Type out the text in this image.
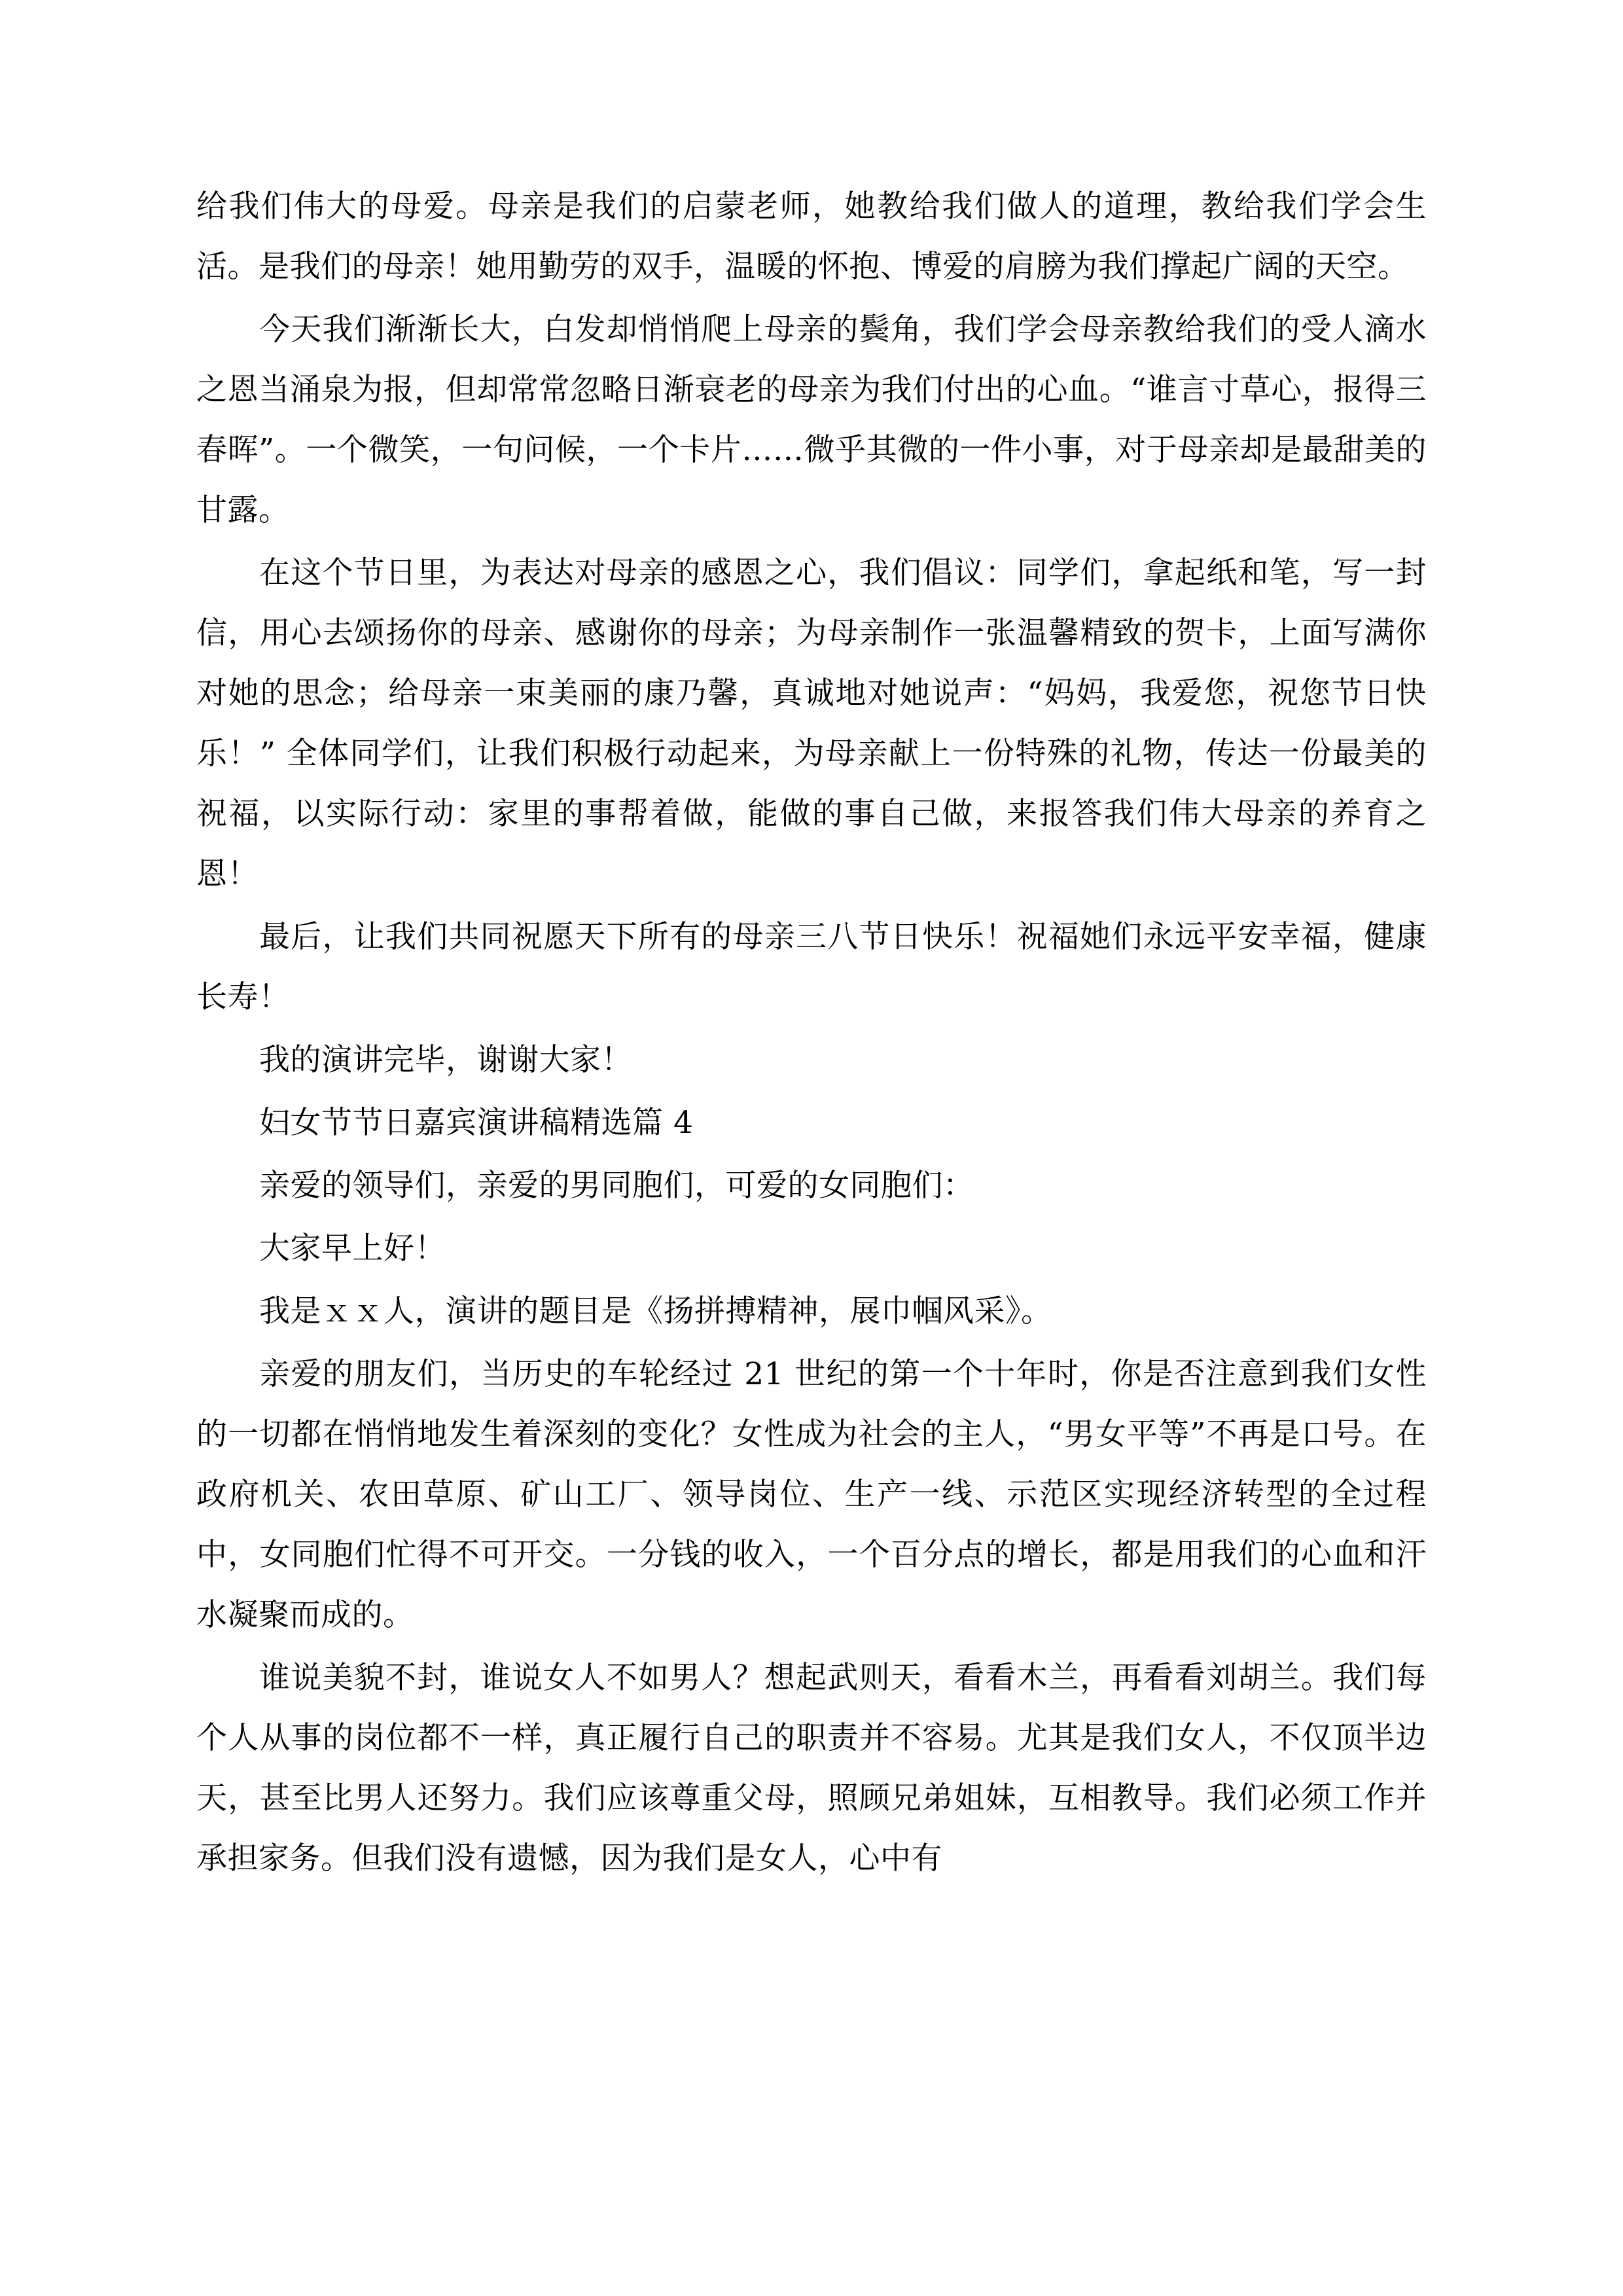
给我们伟大的母爱。母亲是我们的启蒙老师，她教给我们做人的道理，教给我们学会生活。是我们的母亲！她用勤劳的双手，温暖的怀抱、博爱的肩膀为我们撑起广阔的天空。

今天我们渐渐长大，白发却悄悄爬上母亲的鬓角，我们学会母亲教给我们的受人滴水之恩当涌泉为报，但却常常忽略日渐衰老的母亲为我们付出的心血。“谁言寸草心，报得三春晖”。一个微笑，一句问候，一个卡片……微乎其微的一件小事，对于母亲却是最甜美的甘露。

在这个节日里，为表达对母亲的感恩之心，我们倡议：同学们，拿起纸和笔，写一封信，用心去颂扬你的母亲、感谢你的母亲；为母亲制作一张温馨精致的贺卡，上面写满你对她的思念；给母亲一束美丽的康乃馨，真诚地对她说声：“妈妈，我爱您，祝您节日快乐！” 全体同学们，让我们积极行动起来，为母亲献上一份特殊的礼物，传达一份最美的祝福，以实际行动：家里的事帮着做，能做的事自己做，来报答我们伟大母亲的养育之恩！

最后，让我们共同祝愿天下所有的母亲三八节日快乐！祝福她们永远平安幸福，健康长寿！

我的演讲完毕，谢谢大家！

妇女节节日嘉宾演讲稿精选篇 4

亲爱的领导们，亲爱的男同胞们，可爱的女同胞们：

大家早上好！

我是ｘｘ人，演讲的题目是《扬拼搏精神，展巾帼风采》。

亲爱的朋友们，当历史的车轮经过 21 世纪的第一个十年时，你是否注意到我们女性的一切都在悄悄地发生着深刻的变化？女性成为社会的主人，“男女平等”不再是口号。在政府机关、农田草原、矿山工厂、领导岗位、生产一线、示范区实现经济转型的全过程中，女同胞们忙得不可开交。一分钱的收入，一个百分点的增长，都是用我们的心血和汗水凝聚而成的。

谁说美貌不封，谁说女人不如男人？想起武则天，看看木兰，再看看刘胡兰。我们每个人从事的岗位都不一样，真正履行自己的职责并不容易。尤其是我们女人，不仅顶半边天，甚至比男人还努力。我们应该尊重父母，照顾兄弟姐妹，互相教导。我们必须工作并承担家务。但我们没有遗憾，因为我们是女人，心中有
